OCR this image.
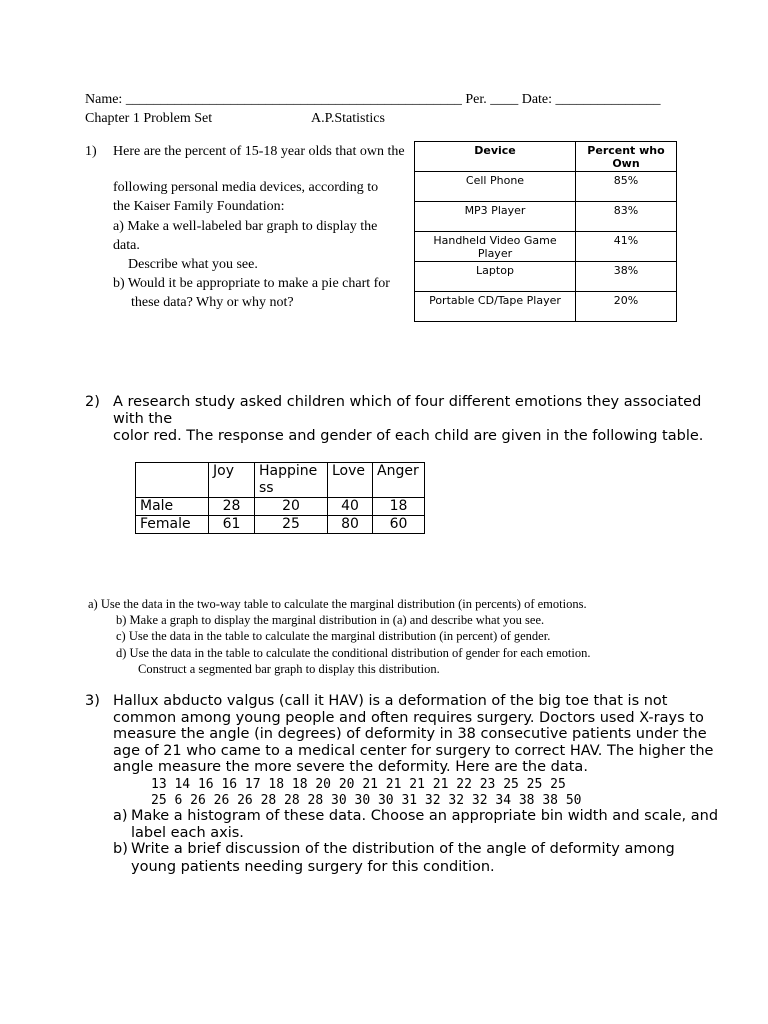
Name: ________________________________________________ Per. ____ Date: _______________
Chapter 1 Problem Set	A.P.Statistics
1) Here are the percent of 15-18 year olds that own the
following personal media devices, according to
the Kaiser Family Foundation:
a) Make a well-labeled bar graph to display the
data.
Describe what you see.
b) Would it be appropriate to make a pie chart for
these data? Why or why not?
Device	Percent who Own
Cell Phone	85%
MP3 Player	83%
Handheld Video Game Player	41%
Laptop	38%
Portable CD/Tape Player	20%
2) A research study asked children which of four different emotions they associated
with the
color red. The response and gender of each child are given in the following table.
	Joy	Happiness	Love	Anger
Male	28	20	40	18
Female	61	25	80	60
a) Use the data in the two-way table to calculate the marginal distribution (in percents) of emotions.
b) Make a graph to display the marginal distribution in (a) and describe what you see.
c) Use the data in the table to calculate the marginal distribution (in percent) of gender.
d) Use the data in the table to calculate the conditional distribution of gender for each emotion.
Construct a segmented bar graph to display this distribution.
3) Hallux abducto valgus (call it HAV) is a deformation of the big toe that is not
common among young people and often requires surgery. Doctors used X-rays to
measure the angle (in degrees) of deformity in 38 consecutive patients under the
age of 21 who came to a medical center for surgery to correct HAV. The higher the
angle measure the more severe the deformity. Here are the data.
13 14 16 16 17 18 18 20 20 21 21 21 21 22 23 25 25 25
25 6 26 26 26 28 28 28 30 30 30 31 32 32 32 34 38 38 50
a) Make a histogram of these data. Choose an appropriate bin width and scale, and
label each axis.
b) Write a brief discussion of the distribution of the angle of deformity among
young patients needing surgery for this condition.
